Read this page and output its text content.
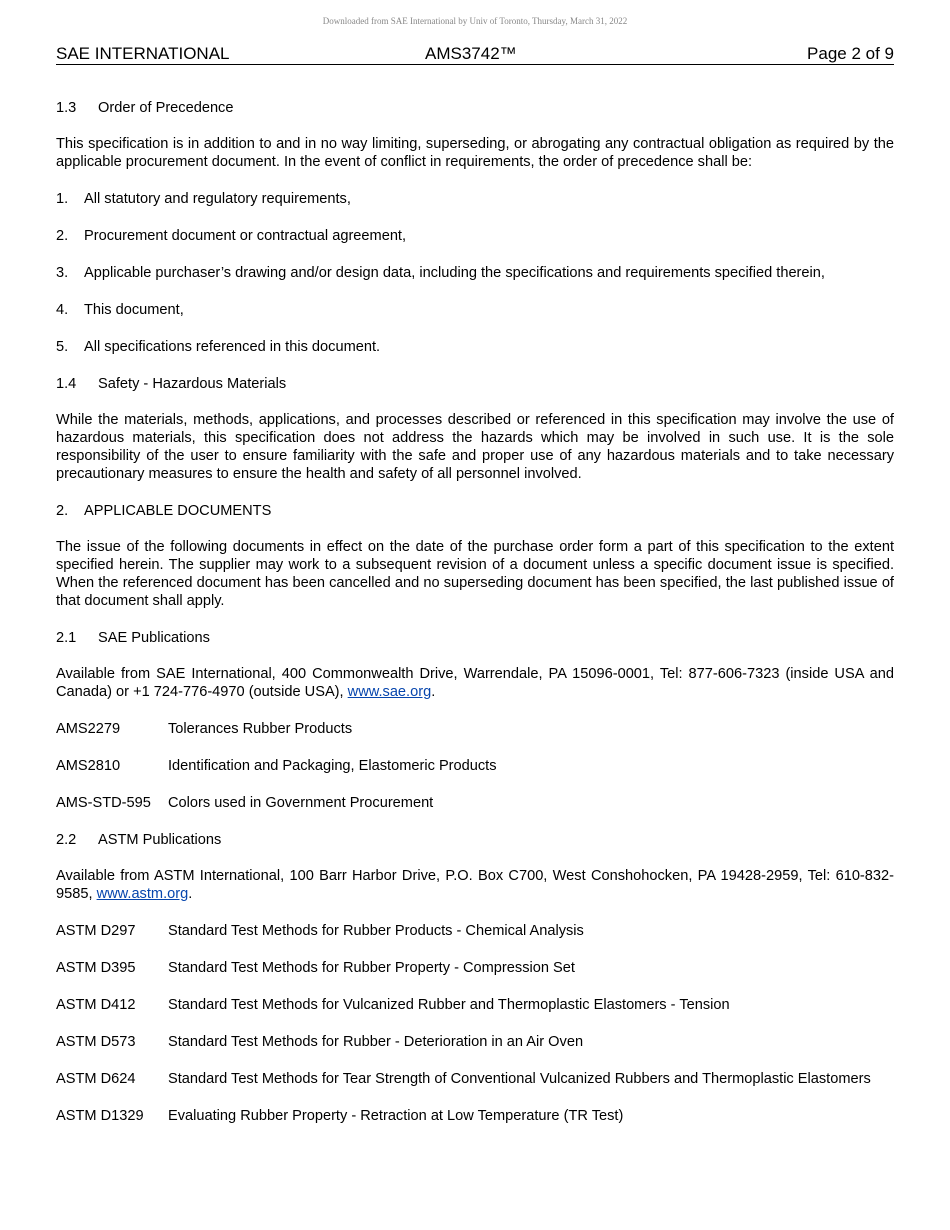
Downloaded from SAE International by Univ of Toronto, Thursday, March 31, 2022
SAE INTERNATIONAL	AMS3742™	Page 2 of 9
1.3 Order of Precedence

This specification is in addition to and in no way limiting, superseding, or abrogating any contractual obligation as required by the applicable procurement document. In the event of conflict in requirements, the order of precedence shall be:

1. All statutory and regulatory requirements,
2. Procurement document or contractual agreement,
3. Applicable purchaser’s drawing and/or design data, including the specifications and requirements specified therein,
4. This document,
5. All specifications referenced in this document.
1.4 Safety - Hazardous Materials

While the materials, methods, applications, and processes described or referenced in this specification may involve the use of hazardous materials, this specification does not address the hazards which may be involved in such use. It is the sole responsibility of the user to ensure familiarity with the safe and proper use of any hazardous materials and to take necessary precautionary measures to ensure the health and safety of all personnel involved.

2. APPLICABLE DOCUMENTS

The issue of the following documents in effect on the date of the purchase order form a part of this specification to the extent specified herein. The supplier may work to a subsequent revision of a document unless a specific document issue is specified. When the referenced document has been cancelled and no superseding document has been specified, the last published issue of that document shall apply.

2.1 SAE Publications

Available from SAE International, 400 Commonwealth Drive, Warrendale, PA 15096-0001, Tel: 877-606-7323 (inside USA and Canada) or +1 724-776-4970 (outside USA), www.sae.org.

AMS2279	Tolerances Rubber Products
AMS2810	Identification and Packaging, Elastomeric Products
AMS-STD-595	Colors used in Government Procurement
2.2 ASTM Publications

Available from ASTM International, 100 Barr Harbor Drive, P.O. Box C700, West Conshohocken, PA 19428-2959, Tel: 610-832-9585, www.astm.org.

ASTM D297	Standard Test Methods for Rubber Products - Chemical Analysis
ASTM D395	Standard Test Methods for Rubber Property - Compression Set
ASTM D412	Standard Test Methods for Vulcanized Rubber and Thermoplastic Elastomers - Tension
ASTM D573	Standard Test Methods for Rubber - Deterioration in an Air Oven
ASTM D624	Standard Test Methods for Tear Strength of Conventional Vulcanized Rubbers and Thermoplastic Elastomers
ASTM D1329	Evaluating Rubber Property - Retraction at Low Temperature (TR Test)
